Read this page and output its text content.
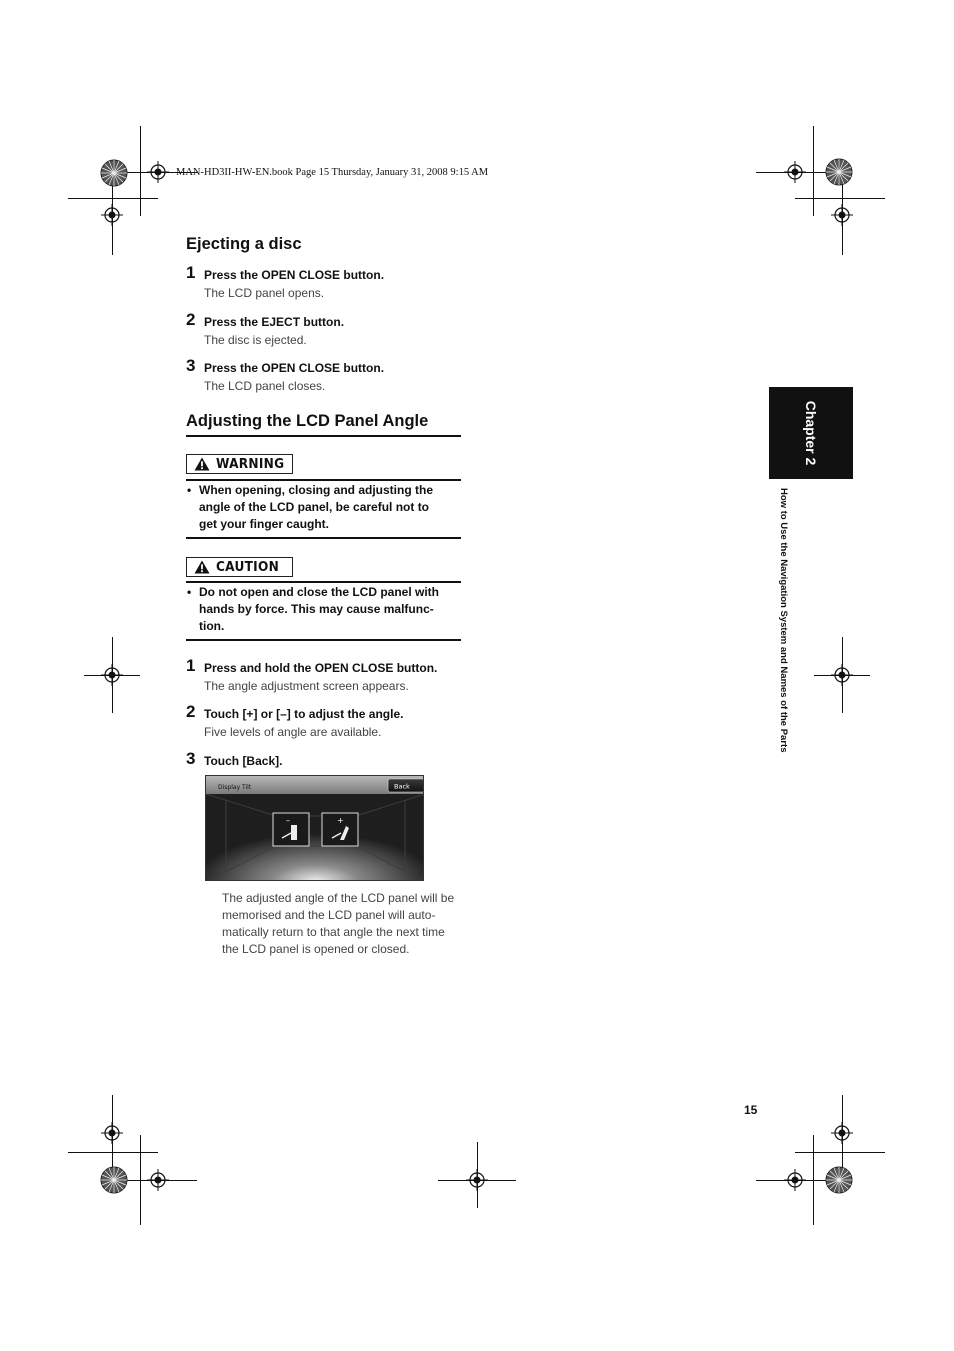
MAN-HD3II-HW-EN.book Page 15 Thursday, January 31, 2008 9:15 AM
Ejecting a disc
1 Press the OPEN CLOSE button.
The LCD panel opens.
2 Press the EJECT button.
The disc is ejected.
3 Press the OPEN CLOSE button.
The LCD panel closes.
Adjusting the LCD Panel Angle
WARNING
• When opening, closing and adjusting the
angle of the LCD panel, be careful not to
get your finger caught.
CAUTION
• Do not open and close the LCD panel with
hands by force. This may cause malfunc-
tion.
1 Press and hold the OPEN CLOSE button.
The angle adjustment screen appears.
2 Touch [+] or [–] to adjust the angle.
Five levels of angle are available.
3 Touch [Back].
Display Tilt	Back
–	+
The adjusted angle of the LCD panel will be
memorised and the LCD panel will auto-
matically return to that angle the next time
the LCD panel is opened or closed.
Chapter 2
How to Use the Navigation System and Names of the Parts
15
